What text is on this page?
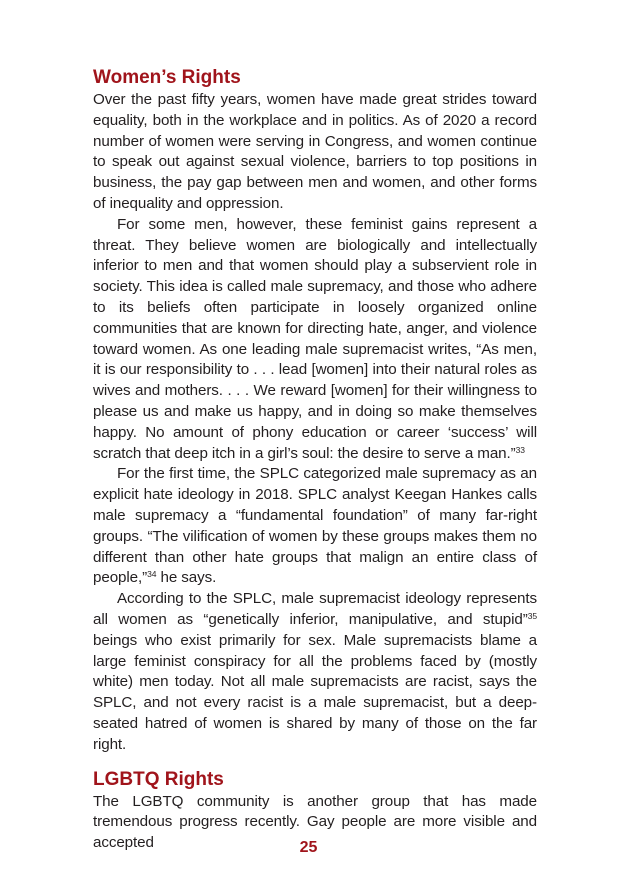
Women’s Rights

Over the past fifty years, women have made great strides toward equality, both in the workplace and in politics. As of 2020 a record number of women were serving in Congress, and women continue to speak out against sexual violence, barriers to top positions in business, the pay gap between men and women, and other forms of inequality and oppression.

For some men, however, these feminist gains represent a threat. They believe women are biologically and intellectually inferior to men and that women should play a subservient role in society. This idea is called male supremacy, and those who adhere to its beliefs often participate in loosely organized online communities that are known for directing hate, anger, and violence toward women. As one leading male supremacist writes, “As men, it is our responsibility to . . . lead [women] into their natural roles as wives and mothers. . . . We reward [women] for their willingness to please us and make us happy, and in doing so make themselves happy. No amount of phony education or career ‘success’ will scratch that deep itch in a girl’s soul: the desire to serve a man.”$^{33}$

For the first time, the SPLC categorized male supremacy as an explicit hate ideology in 2018. SPLC analyst Keegan Hankes calls male supremacy a “fundamental foundation” of many far-right groups. “The vilification of women by these groups makes them no different than other hate groups that malign an entire class of people,”$^{34}$ he says.

According to the SPLC, male supremacist ideology represents all women as “genetically inferior, manipulative, and stupid”$^{35}$ beings who exist primarily for sex. Male supremacists blame a large feminist conspiracy for all the problems faced by (mostly white) men today. Not all male supremacists are racist, says the SPLC, and not every racist is a male supremacist, but a deep-seated hatred of women is shared by many of those on the far right.

LGBTQ Rights

The LGBTQ community is another group that has made tremendous progress recently. Gay people are more visible and accepted	25
